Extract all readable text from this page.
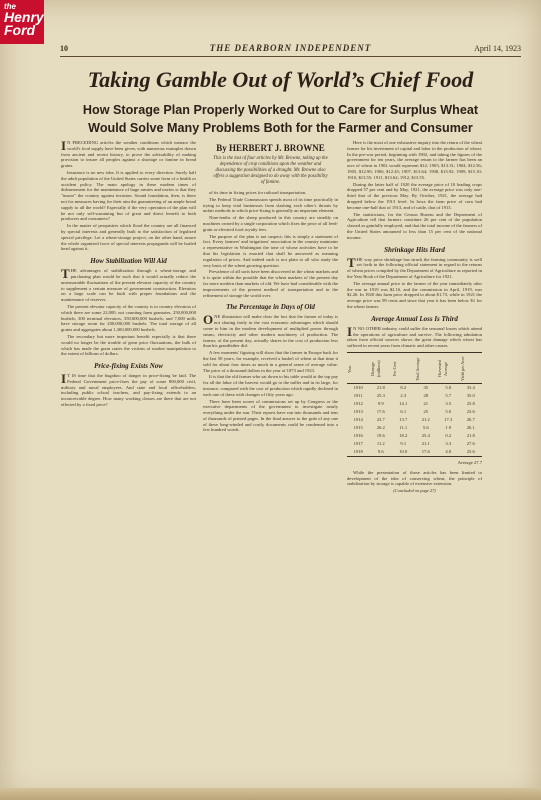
the
Henry
Ford
10	THE DEARBORN INDEPENDENT	April 14, 1923
Taking Gamble Out of World’s Chief Food
How Storage Plan Properly Worked Out to Care for Surplus Wheat
Would Solve Many Problems Both for the Farmer and Consumer

IN PRECEDING articles the weather conditions which menace the world's food supply have been given, with numerous examples drawn from ancient and recent history, to prove the advisability of making provision to insure all peoples against a shortage or famine in bread grains.

Insurance is no new idea. It is applied to every direction. Surely half the adult population of the United States carries some form of a health or accident policy. The main apology in these modern times of disbursement for the maintenance of huge armies and navies is that they "insure" the country against invasion. Sound foundation, then, is there not for measures having for their aim the guaranteeing of an ample bread supply to all the world? Especially if the very operation of the plan will be not only self-sustaining but of great and direct benefit to both producers and consumers?

In the matter of perquisites which flood the country are all financed by special interests and generally built to the satisfaction of legalized special privilege. Let a wheat-storage project, on the other hand, assure the whole organized force of special interests propaganda will be hurled head against it.

How Stabilization Will Aid

THE advantages of stabilization through a wheat-storage and purchasing plan would be such that it would actually reduce the unreasonable fluctuations of the present elevator capacity of the country to supplement a certain measure of government construction. Elevators on a large scale can be built with proper foundations and the maintenance of reserves.

The present elevator capacity of the country is in country elevators of which there are some 22,000, not counting farm granaries, 250,000,000 bushels; 300 terminal elevators, 350,000,000 bushels; and 7,000 mills have storage room for 200,000,000 bushels. The total storage of all grains and aggregates about 1,300,000,000 bushels.

The secondary but more important benefit especially is that there would no longer be the trouble of great price fluctuations, the bulk of which has made the grain crates the victims of market manipulation to the extent of billions of dollars.

Price-fixing Exists Now

IT IS time that the bugaboo of danger in price-fixing be laid. The Federal Government price-fixes the pay of some 800,000 civil, military and naval employees. And state and local officeholders, including public school teachers, and pay-fixing extends to an inconceivable degree. How many working classes are there that are not effected by a fixed price?

By HERBERT J. BROWNE
This is the last of four articles by Mr. Browne, taking up the dependence of crop conditions upon the weather and discussing the possibilities of a drought. Mr. Browne also offers a suggestion designed to do away with the possibility of famine.

of its time in fixing prices for railroad transportation.

The Federal Trade Commission spends most of its time practically in trying to keep vital businesses from slashing each other's throats by unfair methods in which price-fixing is generally an important element.

Nine-tenths of the sheep produced in this country are steadily on machines owned by a single corporation which fixes the price of all feed-grain or elevated food royalty fees.

The purpose of the plan is not suspect; this is simply a statement of fact. Every farmers' and irrigations' association in the country maintains a representative in Washington the tone of whose activities have to be that his legislation is enacted that shall be answered as meaning regulation of prices. And indeed such is not plain to all who study the very basis of the wheat growing question.

Prevalence of all sorts have been discovered in the wheat markets and it is quite within the possible that the wheat markets of the present day far more modern than markets of old. We have had considerable with the improvements of the present method of transportation and in the refinement of storage the world over.

The Percentage in Days of Old

ONE illustration will make clear the fact that the farmer of today is not sharing fairly in the vast economic advantages which should come to him in the modern development of multiplied power through steam, electricity and other modern machinery of production. The farmer, of the present day, actually shares in the cost of production less than his grandfather did.

A few moments' figuring will show that the farmer in Europe back for the last 50 years, for example, received a bushel of wheat at that time it sold for about four times as much in a general sense of average value. The price of a thousand dollars in the year of 1873 and 1923.

It is that the old farmer who sat down to his table would at the top pay for all the labor of the harvest would go to the miller and in its large, for instance, compared with the cost of production which rapidly declined in each one of these with changes of fifty years ago.

There have been scores of commissions set up by Congress or the executive departments of the government to investigate nearly everything under the sun. Their reports have run into thousands and tens of thousands of printed pages. In the final answer to the grab of any one of these long-winded and costly documents could be condensed into a few hundred words.

Here is the most of one exhaustive inquiry into the return of the wheat farmer for his investment of capital and labor in the production of wheat. In the pre-war period, beginning with 1902, and taking the figures of the government for ten years, the average return to the farmer has been an acre of wheat in 1902 would represent $12; 1903, $13.31; 1904, $12.56; 1905, $12.90; 1906, $12.45; 1907, $13.64; 1908, $13.92; 1909, $15.10; 1910, $13.55; 1911, $13.62; 1912, $13.55.

During the latter half of 1920 the average price of 10 leading crops dropped 57 per cent and by May, 1921, the average price was only one-third that of the previous May. By October, 1921, the average had dropped below the 1913 level. In Iowa the farm price of corn had become one-half that of 1913, and of cattle, that of 1913.

The statisticians, for the Census Bureau and the Department of Agriculture tell that farmers constitute 26 per cent of the population classed as gainfully employed, and that the total income of the farmers of the United States amounted to less than 15 per cent of the national income.

Shrinkage Hits Hard

THE way price shrinkage has struck the farming community is well set forth in the following official statement in regard to the returns of wheat prices compiled by the Department of Agriculture as reported in the Year Book of the Department of Agriculture for 1921.

The average annual price to the farmer of the year immediately after the war in 1919 was $2.16, and the commission in April, 1919, was $2.26. In 1920 this farm price dropped to about $1.73, while in 1921 the average price was 99 cents and since that year it has been below $1 for the wheat farmer.

Average Annual Loss Is Third

IN NO OTHER industry could suffer the seasonal losses which attend the operations of agriculture and survive. The following tabulation taken from official sources shows the great damage which wheat has suffered in recent years from climatic and other causes.

Year	Damage (millions)	Per Cent	Total Acreage	Harvested Acreage	Yield per Acre
1910	21.8	8.2	35	5.8	33.4
1911	25.3	2.3	28	5.7	35.0
1912	9.9	14.1	21	3.5	25.8
1913	17.6	6.1	25	5.0	23.6
1914	23.7	13.7	21.2	17.3	26.7
1915	26.2	11.1	5.6	1.9	26.1
1916	19.6	18.2	25.4	0.2	21.8
1917	11.2	9.1	21.1	3.3	27.6
1918	9.6	10.0	17.6	4.8	25.6
Average 27.7

While the presentation of those articles has been limited to development of the idea of conserving wheat, the principle of stabilization by storage is capable of extensive extension.

(Concluded on page 27)
